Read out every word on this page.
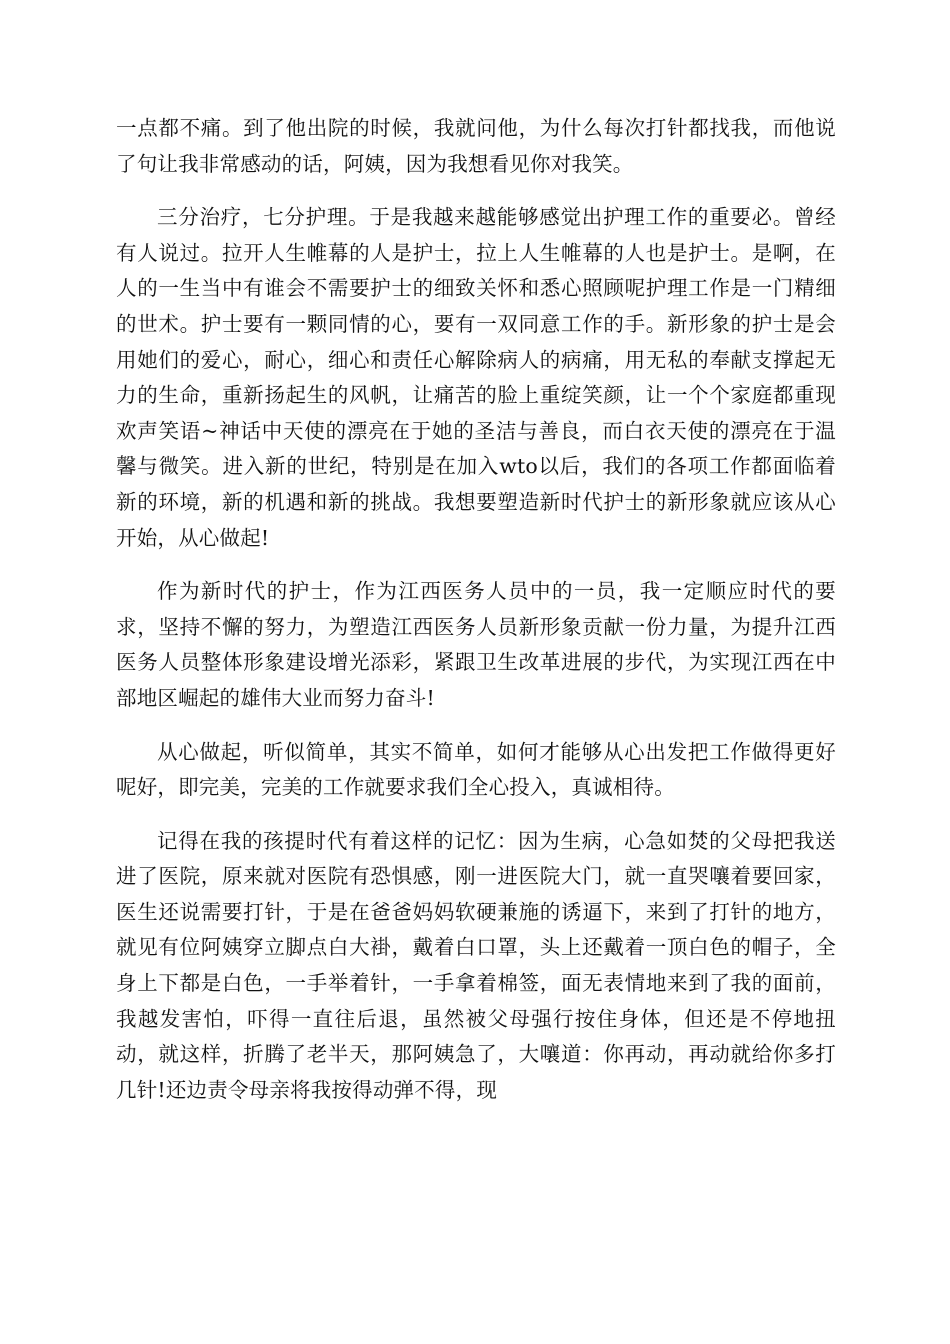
一点都不痛。到了他出院的时候，我就问他，为什么每次打针都找我，而他说了句让我非常感动的话，阿姨，因为我想看见你对我笑。

三分治疗，七分护理。于是我越来越能够感觉出护理工作的重要必。曾经有人说过。拉开人生帷幕的人是护士，拉上人生帷幕的人也是护士。是啊，在人的一生当中有谁会不需要护士的细致关怀和悉心照顾呢护理工作是一门精细的世术。护士要有一颗同情的心，要有一双同意工作的手。新形象的护士是会用她们的爱心，耐心，细心和责任心解除病人的病痛，用无私的奉献支撑起无力的生命，重新扬起生的风帆，让痛苦的脸上重绽笑颜，让一个个家庭都重现欢声笑语~神话中天使的漂亮在于她的圣洁与善良，而白衣天使的漂亮在于温馨与微笑。进入新的世纪，特别是在加入wto以后，我们的各项工作都面临着新的环境，新的机遇和新的挑战。我想要塑造新时代护士的新形象就应该从心开始，从心做起!

作为新时代的护士，作为江西医务人员中的一员，我一定顺应时代的要求，坚持不懈的努力，为塑造江西医务人员新形象贡献一份力量，为提升江西医务人员整体形象建设增光添彩，紧跟卫生改革进展的步代，为实现江西在中部地区崛起的雄伟大业而努力奋斗!

从心做起，听似简单，其实不简单，如何才能够从心出发把工作做得更好呢好，即完美，完美的工作就要求我们全心投入，真诚相待。

记得在我的孩提时代有着这样的记忆：因为生病，心急如焚的父母把我送进了医院，原来就对医院有恐惧感，刚一进医院大门，就一直哭嚷着要回家，医生还说需要打针，于是在爸爸妈妈软硬兼施的诱逼下，来到了打针的地方，就见有位阿姨穿立脚点白大褂，戴着白口罩，头上还戴着一顶白色的帽子，全身上下都是白色，一手举着针，一手拿着棉签，面无表情地来到了我的面前，我越发害怕，吓得一直往后退，虽然被父母强行按住身体，但还是不停地扭动，就这样，折腾了老半天，那阿姨急了，大嚷道：你再动，再动就给你多打几针!还边责令母亲将我按得动弹不得，现
